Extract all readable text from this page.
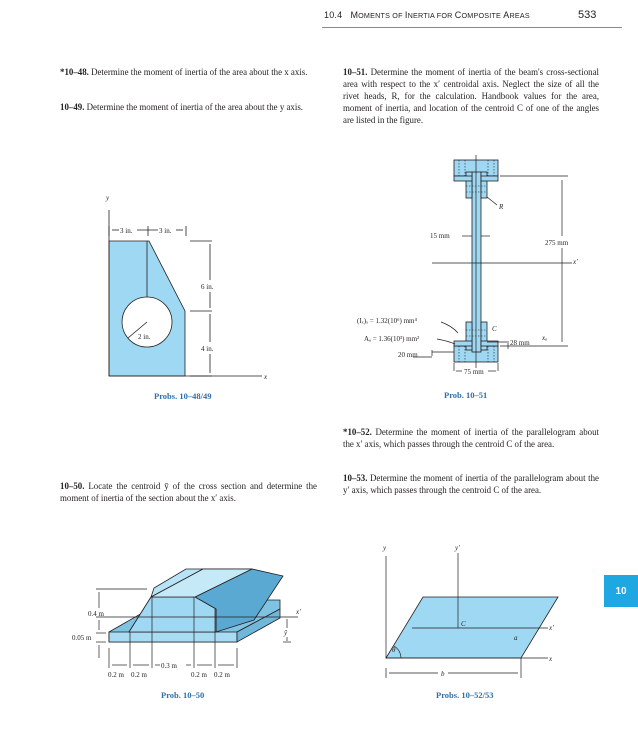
10.4 MOMENTS OF INERTIA FOR COMPOSITE AREAS	533
*10–48. Determine the moment of inertia of the area about the x axis.
10–49. Determine the moment of inertia of the area about the y axis.
10–50. Locate the centroid ȳ of the cross section and determine the moment of inertia of the section about the x′ axis.
10–51. Determine the moment of inertia of the beam's cross-sectional area with respect to the x′ centroidal axis. Neglect the size of all the rivet heads, R, for the calculation. Handbook values for the area, moment of inertia, and location of the centroid C of one of the angles are listed in the figure.
*10–52. Determine the moment of inertia of the parallelogram about the x′ axis, which passes through the centroid C of the area.
10–53. Determine the moment of inertia of the parallelogram about the y′ axis, which passes through the centroid C of the area.
y
x
3 in.	3 in.
6 in.
4 in.
2 in.
Probs. 10–48/49
R
15 mm
275 mm
x′
(Iₓ)ₓ = 1.32(10⁶) mm⁴
Aₐ = 1.36(10³) mm²
20 mm
28 mm
xₐ
C
75 mm
Prob. 10–51
0.4 m
0.05 m
x′
ȳ
0.3 m
0.2 m 0.2 m	0.2 m 0.2 m
Prob. 10–50
y	y′
C
a
x′
x
θ
b
Probs. 10–52/53
10
